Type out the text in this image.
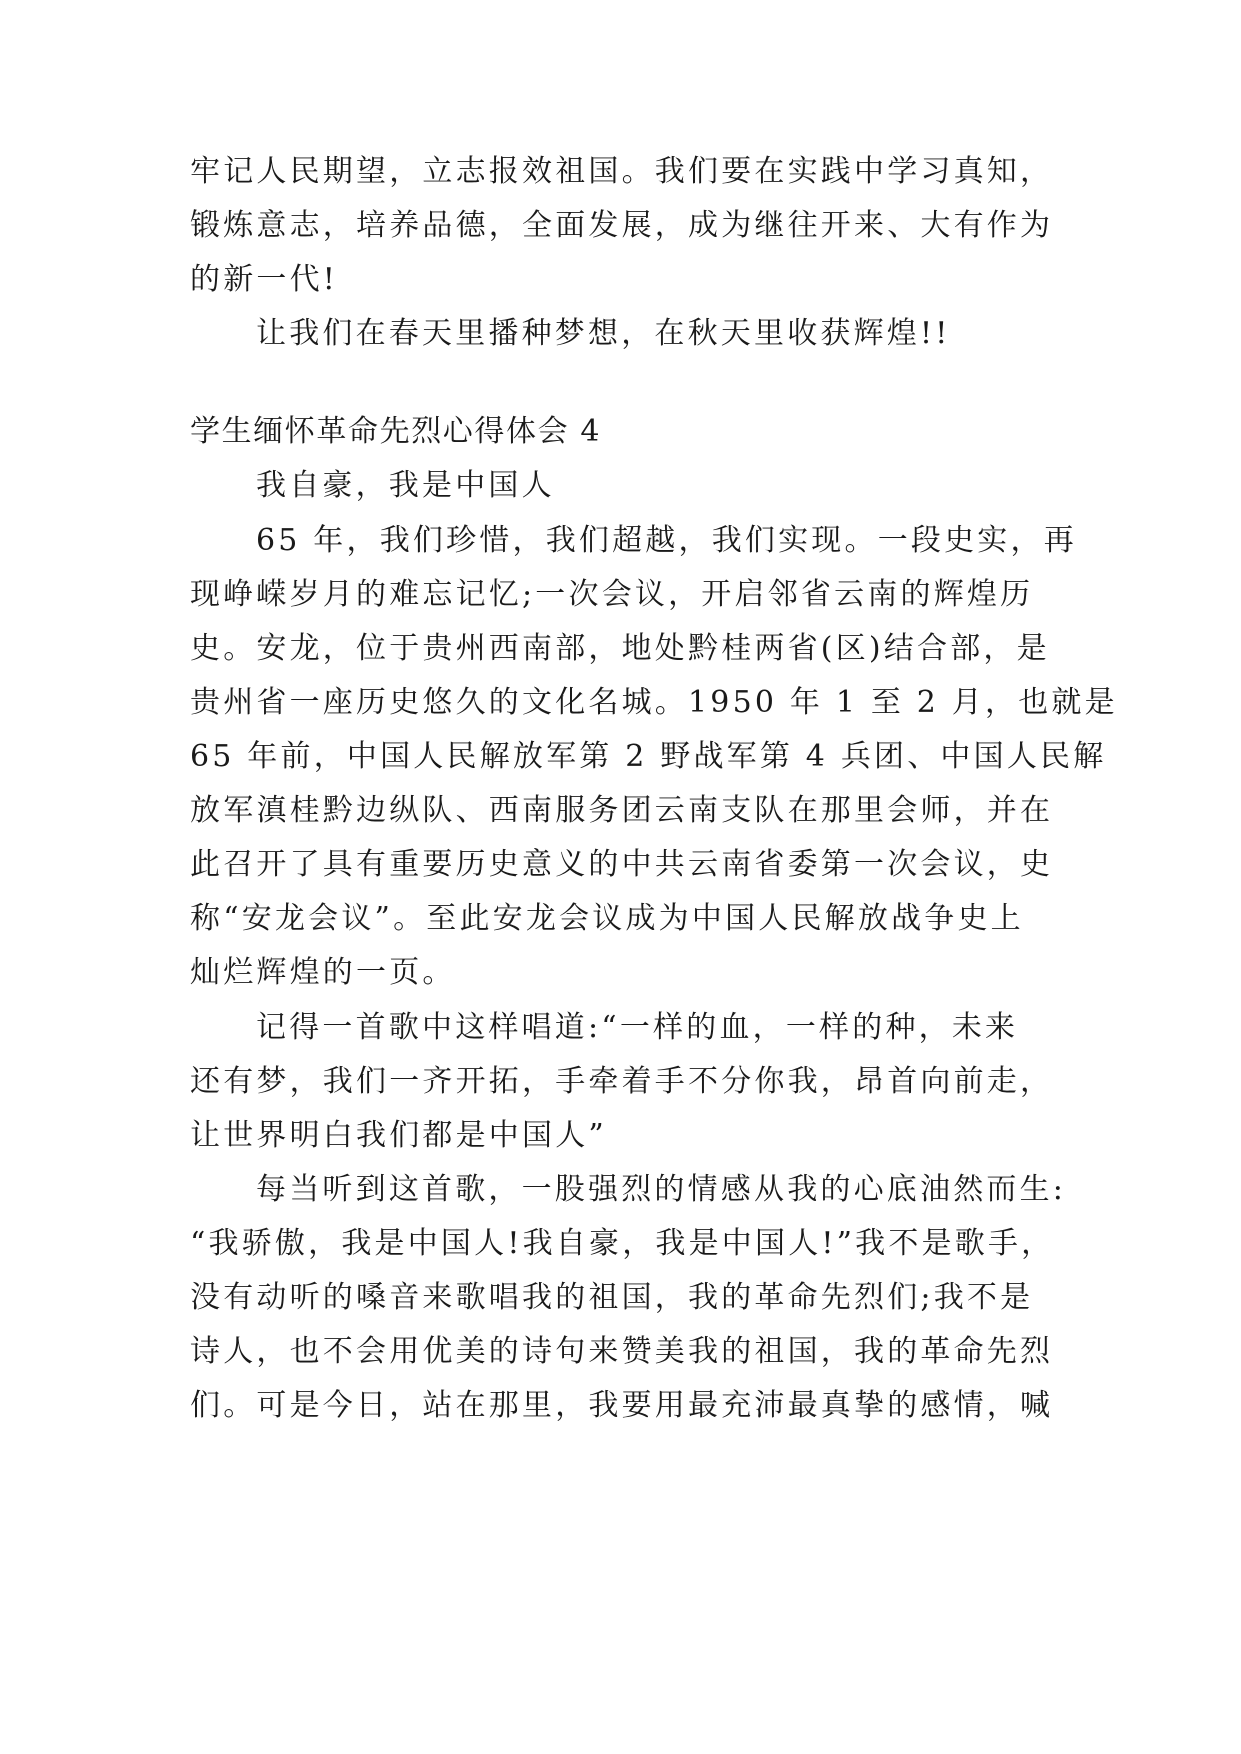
牢记人民期望，立志报效祖国。我们要在实践中学习真知，
锻炼意志，培养品德，全面发展，成为继往开来、大有作为
的新一代!
让我们在春天里播种梦想，在秋天里收获辉煌!!
学生缅怀革命先烈心得体会 4
我自豪，我是中国人
65 年，我们珍惜，我们超越，我们实现。一段史实，再
现峥嵘岁月的难忘记忆;一次会议，开启邻省云南的辉煌历
史。安龙，位于贵州西南部，地处黔桂两省(区)结合部，是
贵州省一座历史悠久的文化名城。1950 年 1 至 2 月，也就是
65 年前，中国人民解放军第 2 野战军第 4 兵团、中国人民解
放军滇桂黔边纵队、西南服务团云南支队在那里会师，并在
此召开了具有重要历史意义的中共云南省委第一次会议，史
称“安龙会议”。至此安龙会议成为中国人民解放战争史上
灿烂辉煌的一页。
记得一首歌中这样唱道:“一样的血，一样的种，未来
还有梦，我们一齐开拓，手牵着手不分你我，昂首向前走，
让世界明白我们都是中国人”
每当听到这首歌，一股强烈的情感从我的心底油然而生:
“我骄傲，我是中国人!我自豪，我是中国人!”我不是歌手，
没有动听的嗓音来歌唱我的祖国，我的革命先烈们;我不是
诗人，也不会用优美的诗句来赞美我的祖国，我的革命先烈
们。可是今日，站在那里，我要用最充沛最真挚的感情，喊
